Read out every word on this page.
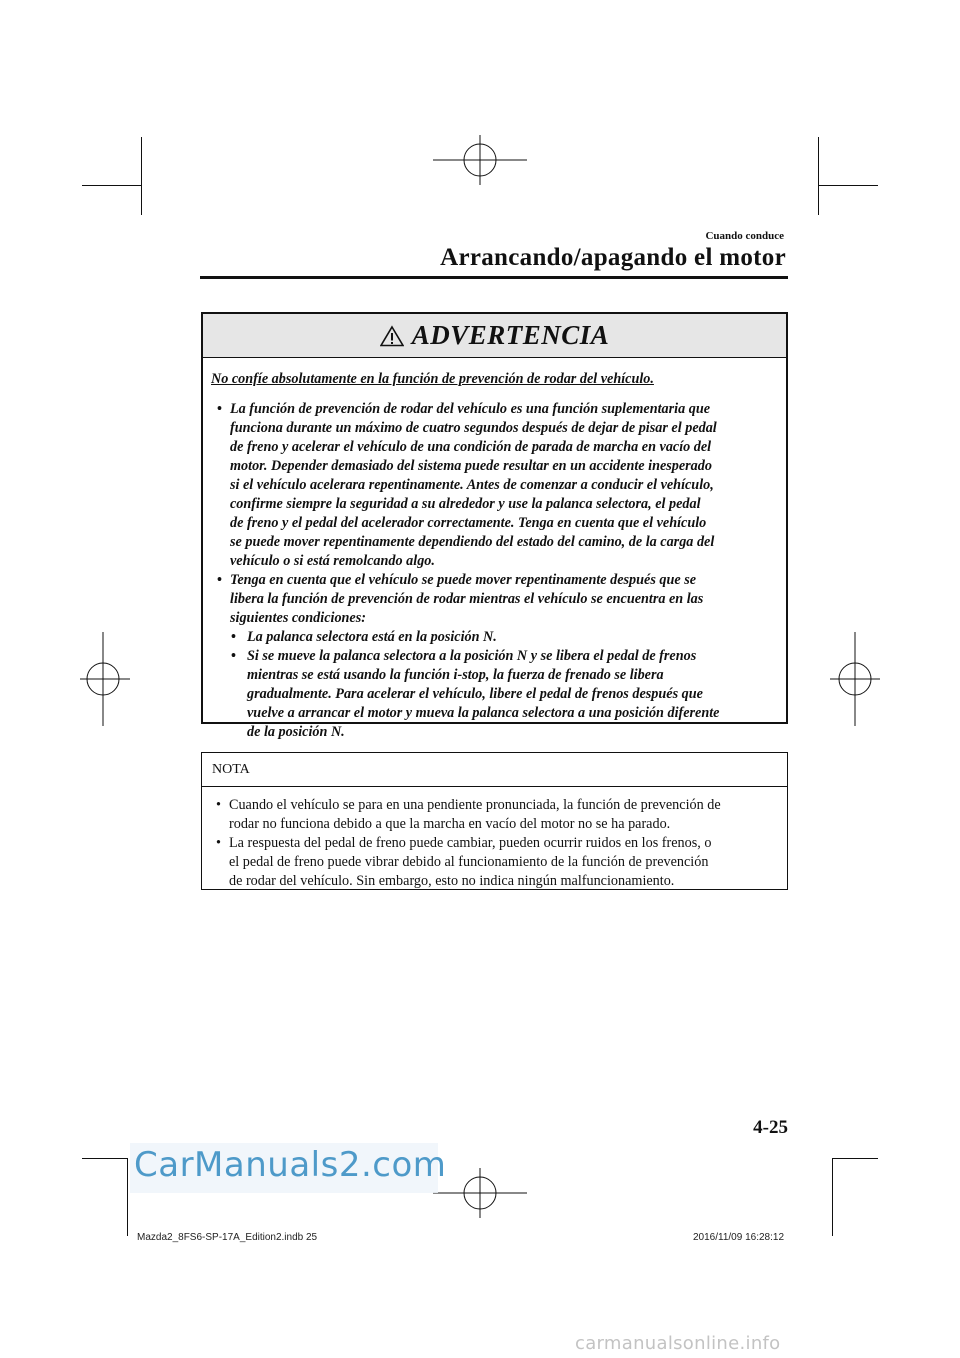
Cuando conduce
Arrancando/apagando el motor
ADVERTENCIA
No confíe absolutamente en la función de prevención de rodar del vehículo.
• La función de prevención de rodar del vehículo es una función suplementaria que
funciona durante un máximo de cuatro segundos después de dejar de pisar el pedal
de freno y acelerar el vehículo de una condición de parada de marcha en vacío del
motor. Depender demasiado del sistema puede resultar en un accidente inesperado
si el vehículo acelerara repentinamente. Antes de comenzar a conducir el vehículo,
confirme siempre la seguridad a su alrededor y use la palanca selectora, el pedal
de freno y el pedal del acelerador correctamente. Tenga en cuenta que el vehículo
se puede mover repentinamente dependiendo del estado del camino, de la carga del
vehículo o si está remolcando algo.
• Tenga en cuenta que el vehículo se puede mover repentinamente después que se
libera la función de prevención de rodar mientras el vehículo se encuentra en las
siguientes condiciones:
• La palanca selectora está en la posición N.
• Si se mueve la palanca selectora a la posición N y se libera el pedal de frenos
mientras se está usando la función i-stop, la fuerza de frenado se libera
gradualmente. Para acelerar el vehículo, libere el pedal de frenos después que
vuelve a arrancar el motor y mueva la palanca selectora a una posición diferente
de la posición N.
NOTA
• Cuando el vehículo se para en una pendiente pronunciada, la función de prevención de
rodar no funciona debido a que la marcha en vacío del motor no se ha parado.
• La respuesta del pedal de freno puede cambiar, pueden ocurrir ruidos en los frenos, o
el pedal de freno puede vibrar debido al funcionamiento de la función de prevención
de rodar del vehículo. Sin embargo, esto no indica ningún malfuncionamiento.
4-25
CarManuals2.com
Mazda2_8FS6-SP-17A_Edition2.indb 25	2016/11/09 16:28:12
carmanualsonline.info
